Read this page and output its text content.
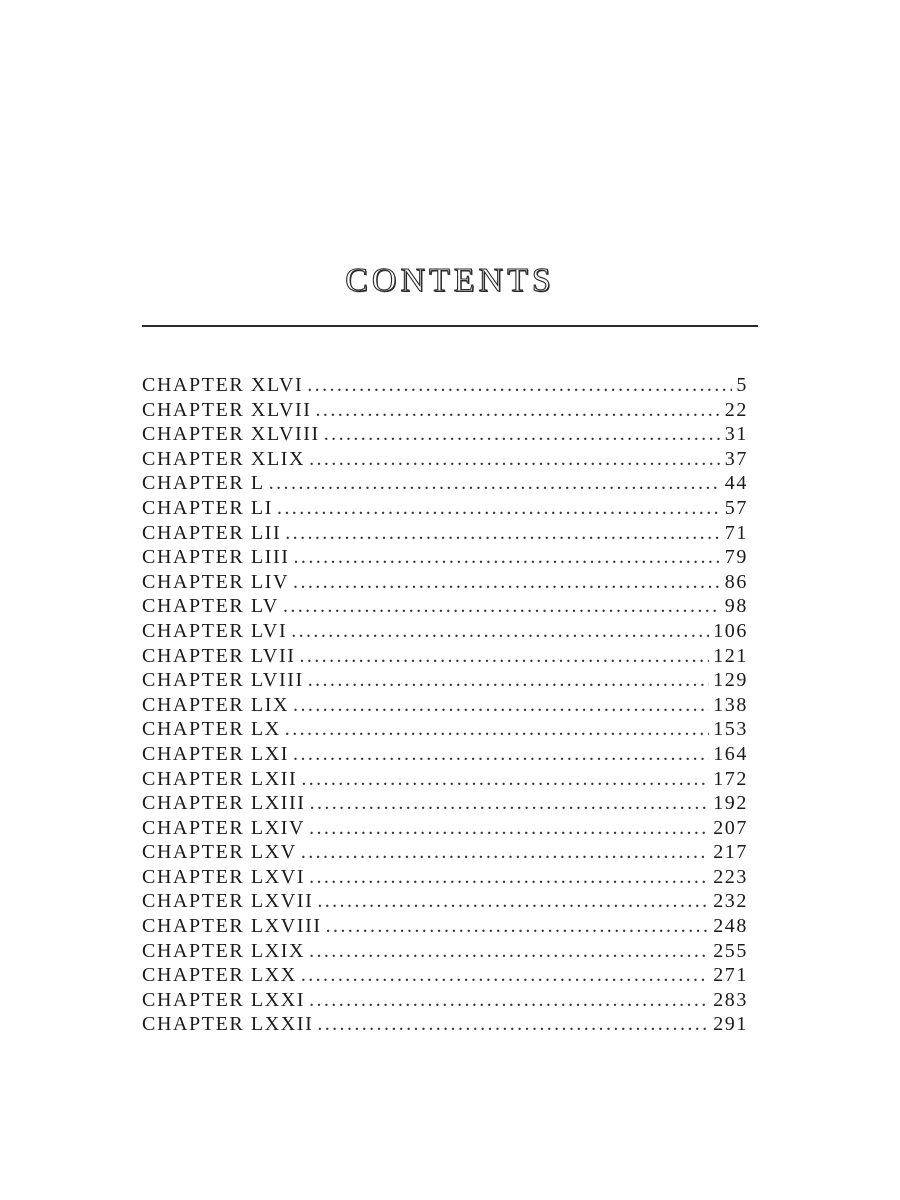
CONTENTS
CHAPTER XLVI .....	5
CHAPTER XLVII .....	22
CHAPTER XLVIII .....	31
CHAPTER XLIX .....	37
CHAPTER L .....	44
CHAPTER LI .....	57
CHAPTER LII .....	71
CHAPTER LIII .....	79
CHAPTER LIV .....	86
CHAPTER LV .....	98
CHAPTER LVI .....	106
CHAPTER LVII .....	121
CHAPTER LVIII .....	129
CHAPTER LIX .....	138
CHAPTER LX .....	153
CHAPTER LXI .....	164
CHAPTER LXII .....	172
CHAPTER LXIII .....	192
CHAPTER LXIV .....	207
CHAPTER LXV .....	217
CHAPTER LXVI .....	223
CHAPTER LXVII .....	232
CHAPTER LXVIII .....	248
CHAPTER LXIX .....	255
CHAPTER LXX .....	271
CHAPTER LXXI .....	283
CHAPTER LXXII .....	291
